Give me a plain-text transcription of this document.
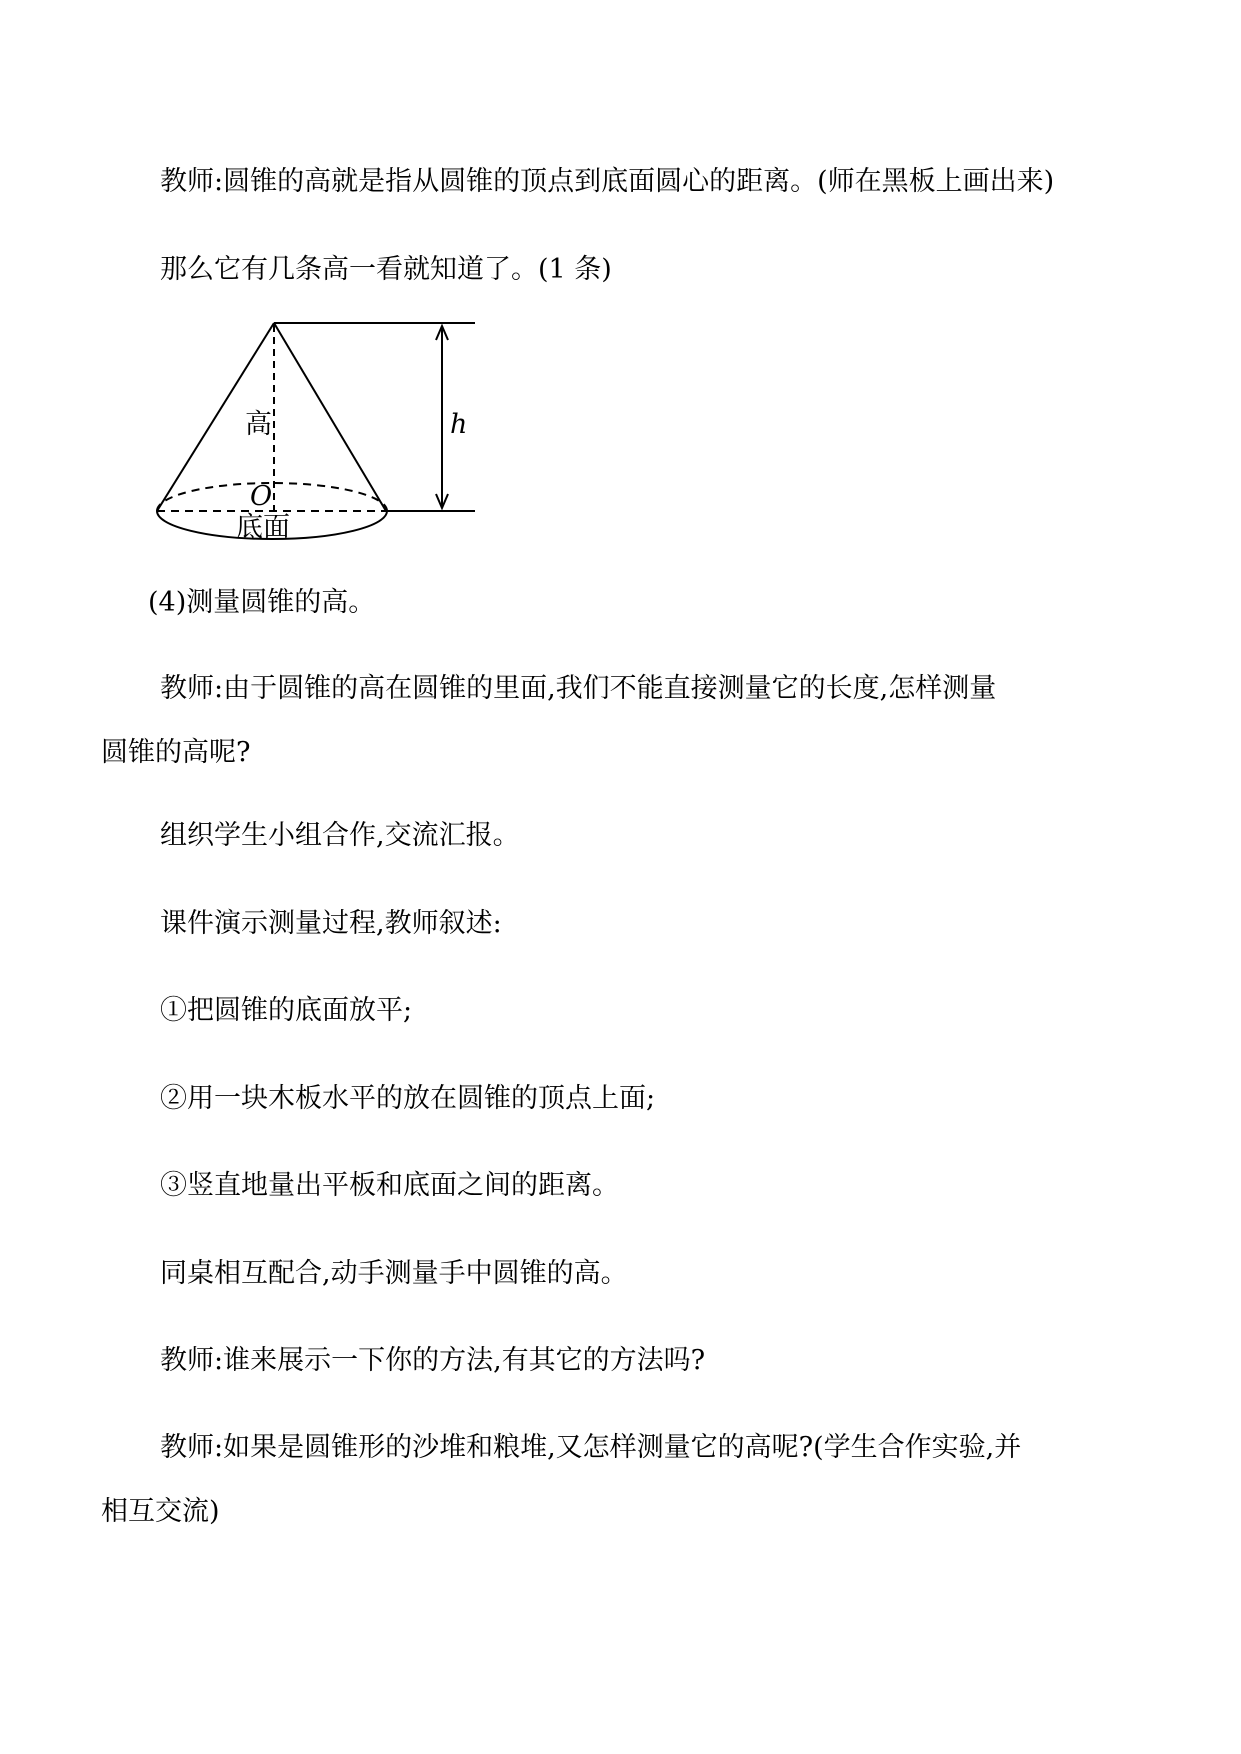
教师:圆锥的高就是指从圆锥的顶点到底面圆心的距离。(师在黑板上画出来)

那么它有几条高一看就知道了。(1 条)

高
O
底面
h

(4)测量圆锥的高。

教师:由于圆锥的高在圆锥的里面,我们不能直接测量它的长度,怎样测量

圆锥的高呢?

组织学生小组合作,交流汇报。

课件演示测量过程,教师叙述:

①把圆锥的底面放平;

②用一块木板水平的放在圆锥的顶点上面;

③竖直地量出平板和底面之间的距离。

同桌相互配合,动手测量手中圆锥的高。

教师:谁来展示一下你的方法,有其它的方法吗?

教师:如果是圆锥形的沙堆和粮堆,又怎样测量它的高呢?(学生合作实验,并

相互交流)
